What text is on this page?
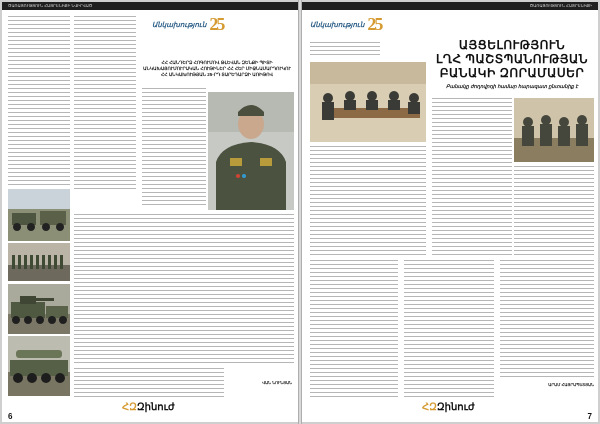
ԾԱՌԱՅՈՒԹՅՈՒՆ ՀԱՅՐԵՆԻՔԻ ՆՎԻՐՎԱԾ
Անկախություն 25
ՀՀ ՀԱՆԴԵՐՁ ՀՈԳՈՒՄՈՎ ԹԼԵՎԱՆ ԶԵՆՔԻ ՊԻՏԻ ԱՆԿԱԽԱՑՈՒՄՈՒՐԱԿԱՆ ՀՈՒԹԻՆԵՐ ՀՀ ՀԵՐ ՄԻՋՆԱՄԱՐԴՈՒԿՈՒ ՀՀ ԱՆԿԱԽՈՒԹՅԱՆ 25-ՐԴ ՏԱՐԵԴԱՐՁԻ ԱՌԻԹՈՎ
ՎԱՆ ՆՈՒՆՅԱՆ
ՀԶԶինուժ
6
ԾԱՌԱՅՈՒԹՅՈՒՆ ՀԱՅՐԵՆԻՔԻ
Անկախություն 25
ԱՅՑԵԼՈՒԹՅՈՒՆ
ԼՂՀ ՊԱՇՏՊԱՆՈՒԹՅԱՆ
ԲԱՆԱԿԻ ԶՈՐԱՄԱՍԵՐ
Բանակը ժողովրդի համար հարազատ ընտանիք է
ԱՐԱՄ ՀԱՅՐԱՊԵՏՅԱՆ
ՀԶԶինուժ
7
